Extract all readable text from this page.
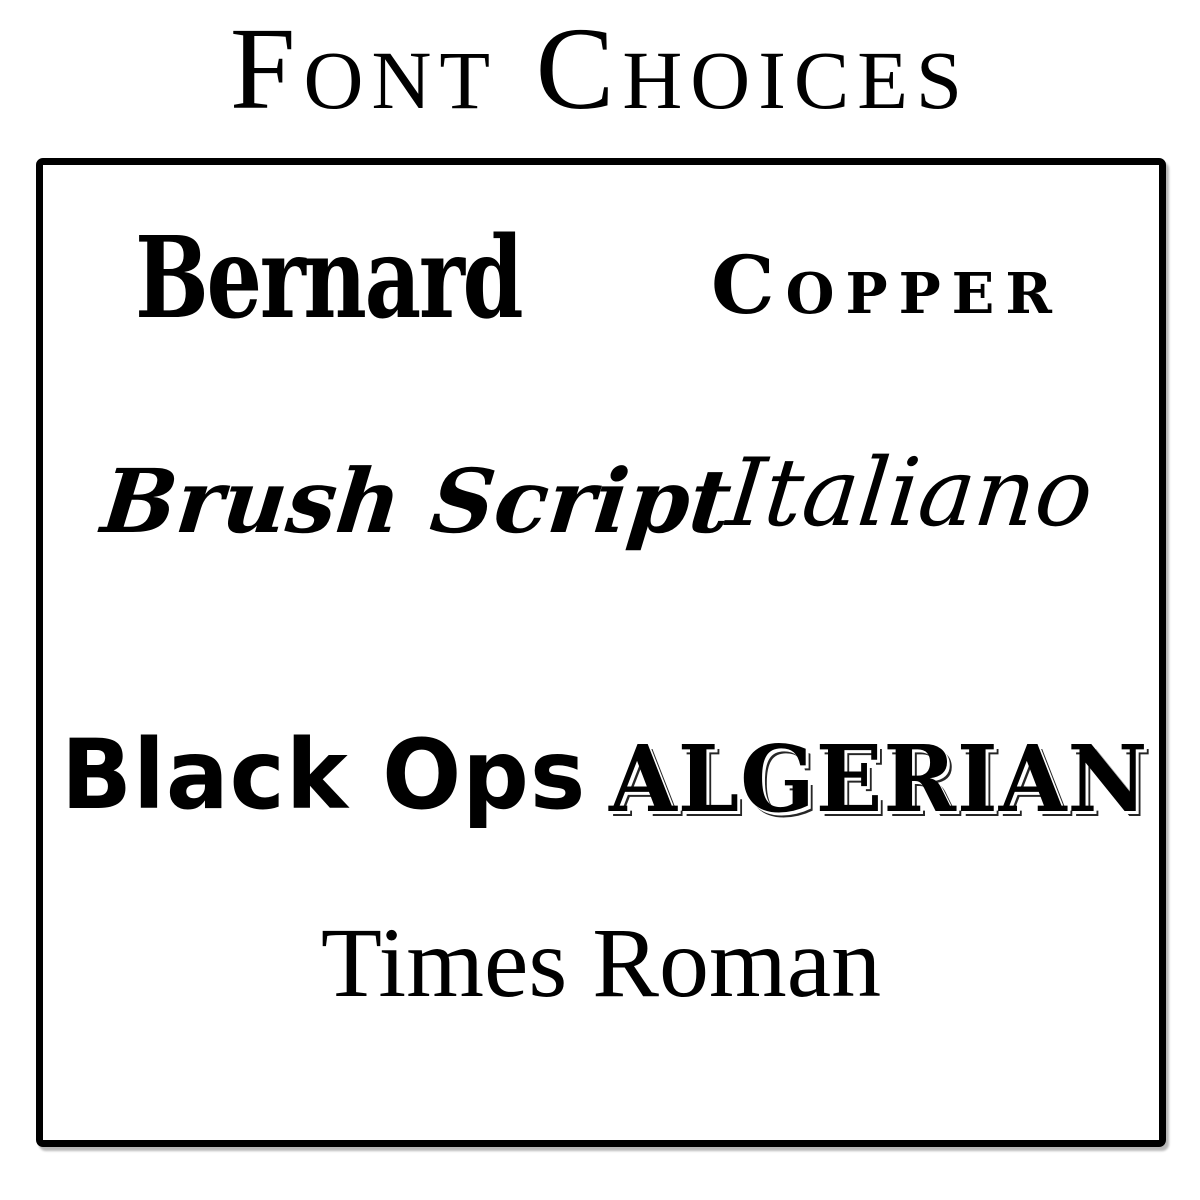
Font Choices
Bernard Copper
Brush Script
Italiano
Black Ops ALGERIAN
Times Roman
